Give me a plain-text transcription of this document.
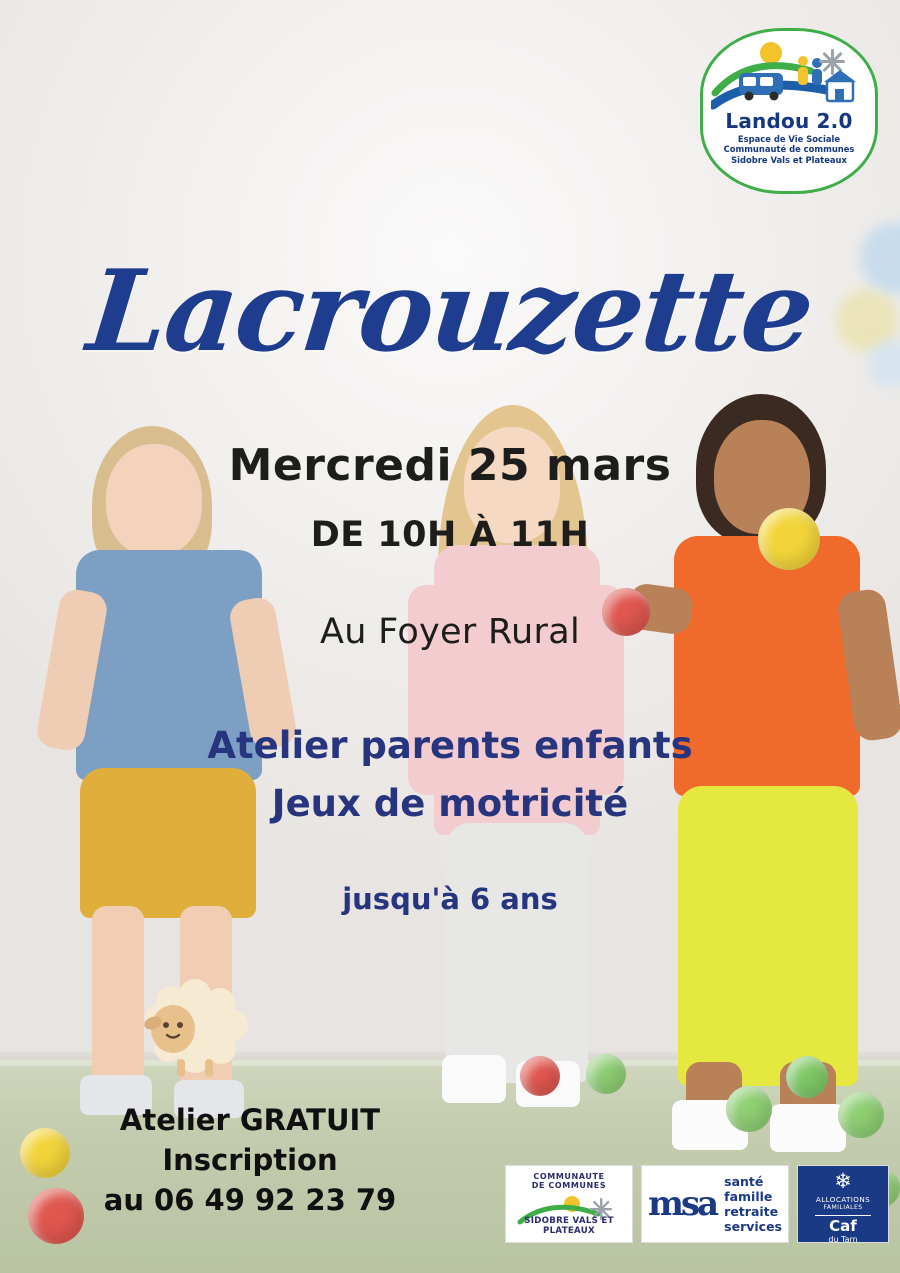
Landou 2.0
Espace de Vie Sociale
Communauté de communes
Sidobre Vals et Plateaux
Lacrouzette
Mercredi 25 mars
DE 10H À 11H
Au Foyer Rural
Atelier parents enfants
Jeux de motricité
jusqu'à 6 ans
Atelier GRATUIT
Inscription
au 06 49 92 23 79
COMMUNAUTE
DE COMMUNES
SIDOBRE VALS ET PLATEAUX
msa
santé
famille
retraite
services
❄
ALLOCATIONS
FAMILIALES
Caf
du Tarn
